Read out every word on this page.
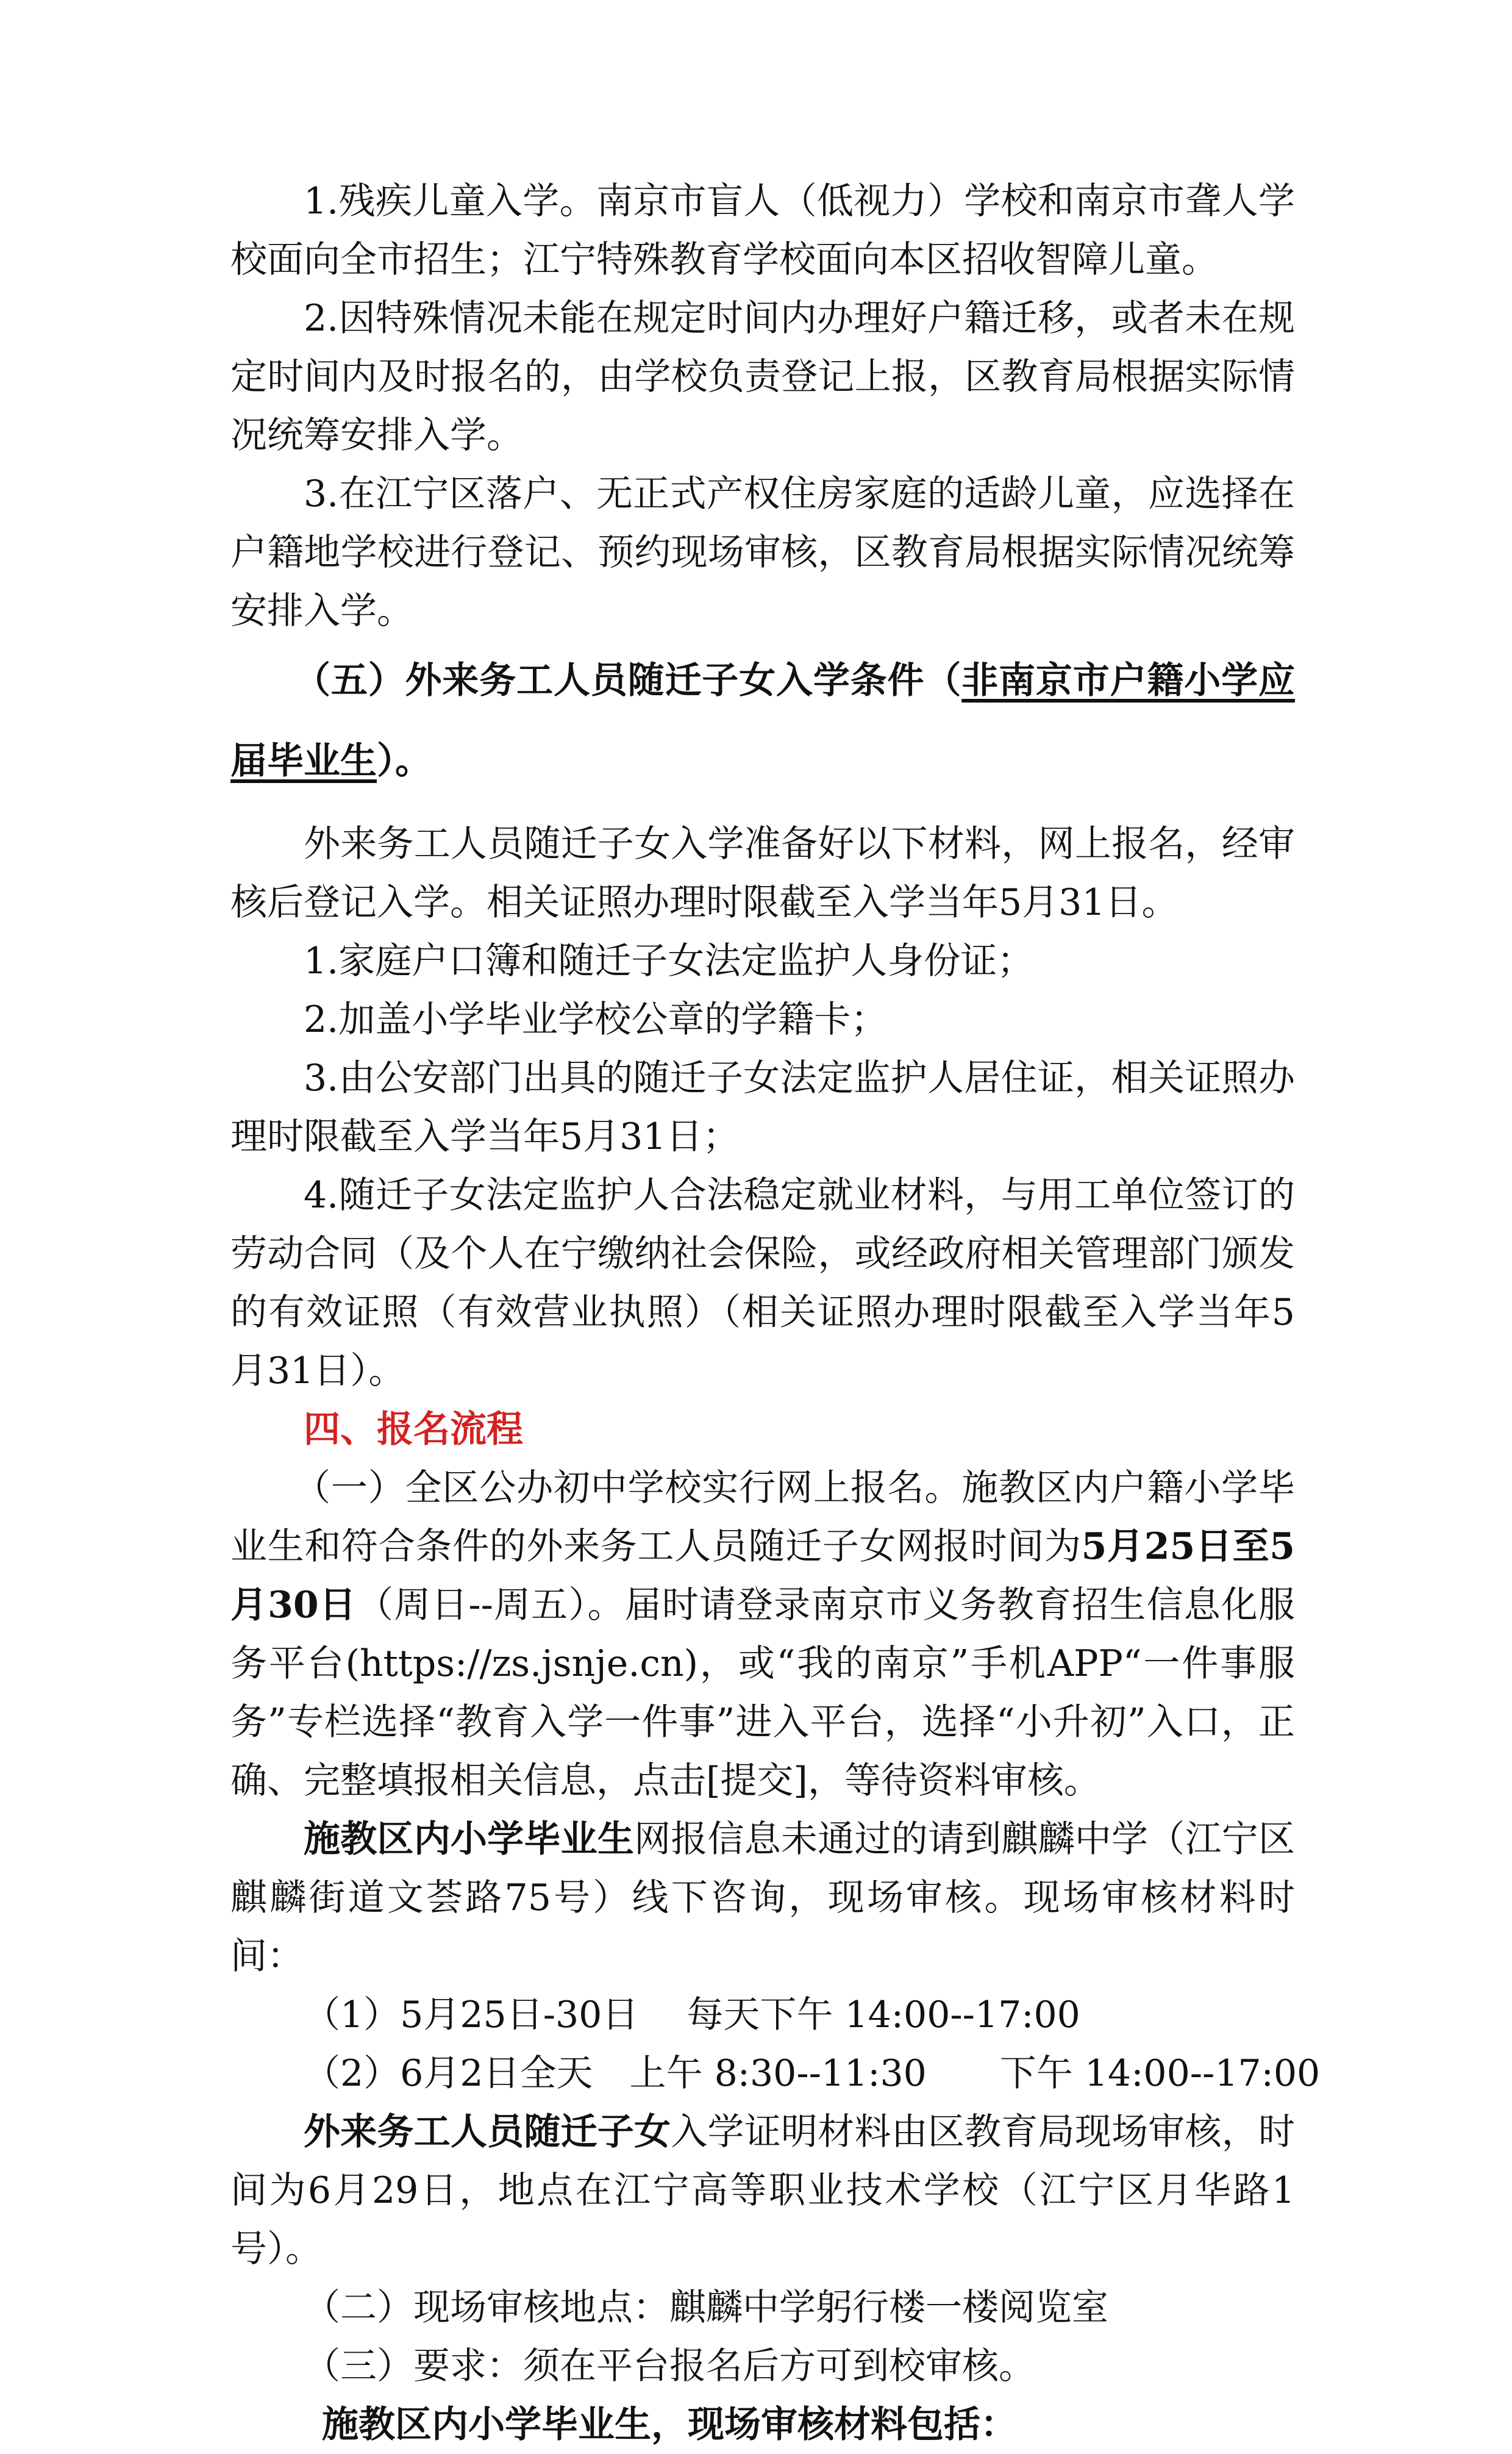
1.残疾儿童入学。南京市盲人（低视力）学校和南京市聋人学校面向全市招生；江宁特殊教育学校面向本区招收智障儿童。

2.因特殊情况未能在规定时间内办理好户籍迁移，或者未在规定时间内及时报名的，由学校负责登记上报，区教育局根据实际情况统筹安排入学。

3.在江宁区落户、无正式产权住房家庭的适龄儿童，应选择在户籍地学校进行登记、预约现场审核，区教育局根据实际情况统筹安排入学。

（五）外来务工人员随迁子女入学条件（非南京市户籍小学应届毕业生）。

外来务工人员随迁子女入学准备好以下材料，网上报名，经审核后登记入学。相关证照办理时限截至入学当年5月31日。

1.家庭户口簿和随迁子女法定监护人身份证；

2.加盖小学毕业学校公章的学籍卡；

3.由公安部门出具的随迁子女法定监护人居住证，相关证照办理时限截至入学当年5月31日；

4.随迁子女法定监护人合法稳定就业材料，与用工单位签订的劳动合同（及个人在宁缴纳社会保险，或经政府相关管理部门颁发的有效证照（有效营业执照）（相关证照办理时限截至入学当年5月31日）。

四、报名流程

（一）全区公办初中学校实行网上报名。施教区内户籍小学毕业生和符合条件的外来务工人员随迁子女网报时间为5月25日至5月30日（周日--周五）。届时请登录南京市义务教育招生信息化服务平台(https://zs.jsnje.cn)，或“我的南京”手机APP“一件事服务”专栏选择“教育入学一件事”进入平台，选择“小升初”入口，正确、完整填报相关信息，点击[提交]，等待资料审核。

施教区内小学毕业生网报信息未通过的请到麒麟中学（江宁区麒麟街道文荟路75号）线下咨询，现场审核。现场审核材料时间：

（1）5月25日-30日　 每天下午 14:00--17:00

（2）6月2日全天　上午 8:30--11:30　　下午 14:00--17:00

外来务工人员随迁子女入学证明材料由区教育局现场审核，时间为6月29日，地点在江宁高等职业技术学校（江宁区月华路1号）。

（二）现场审核地点：麒麟中学躬行楼一楼阅览室

（三）要求：须在平台报名后方可到校审核。

施教区内小学毕业生，现场审核材料包括：
